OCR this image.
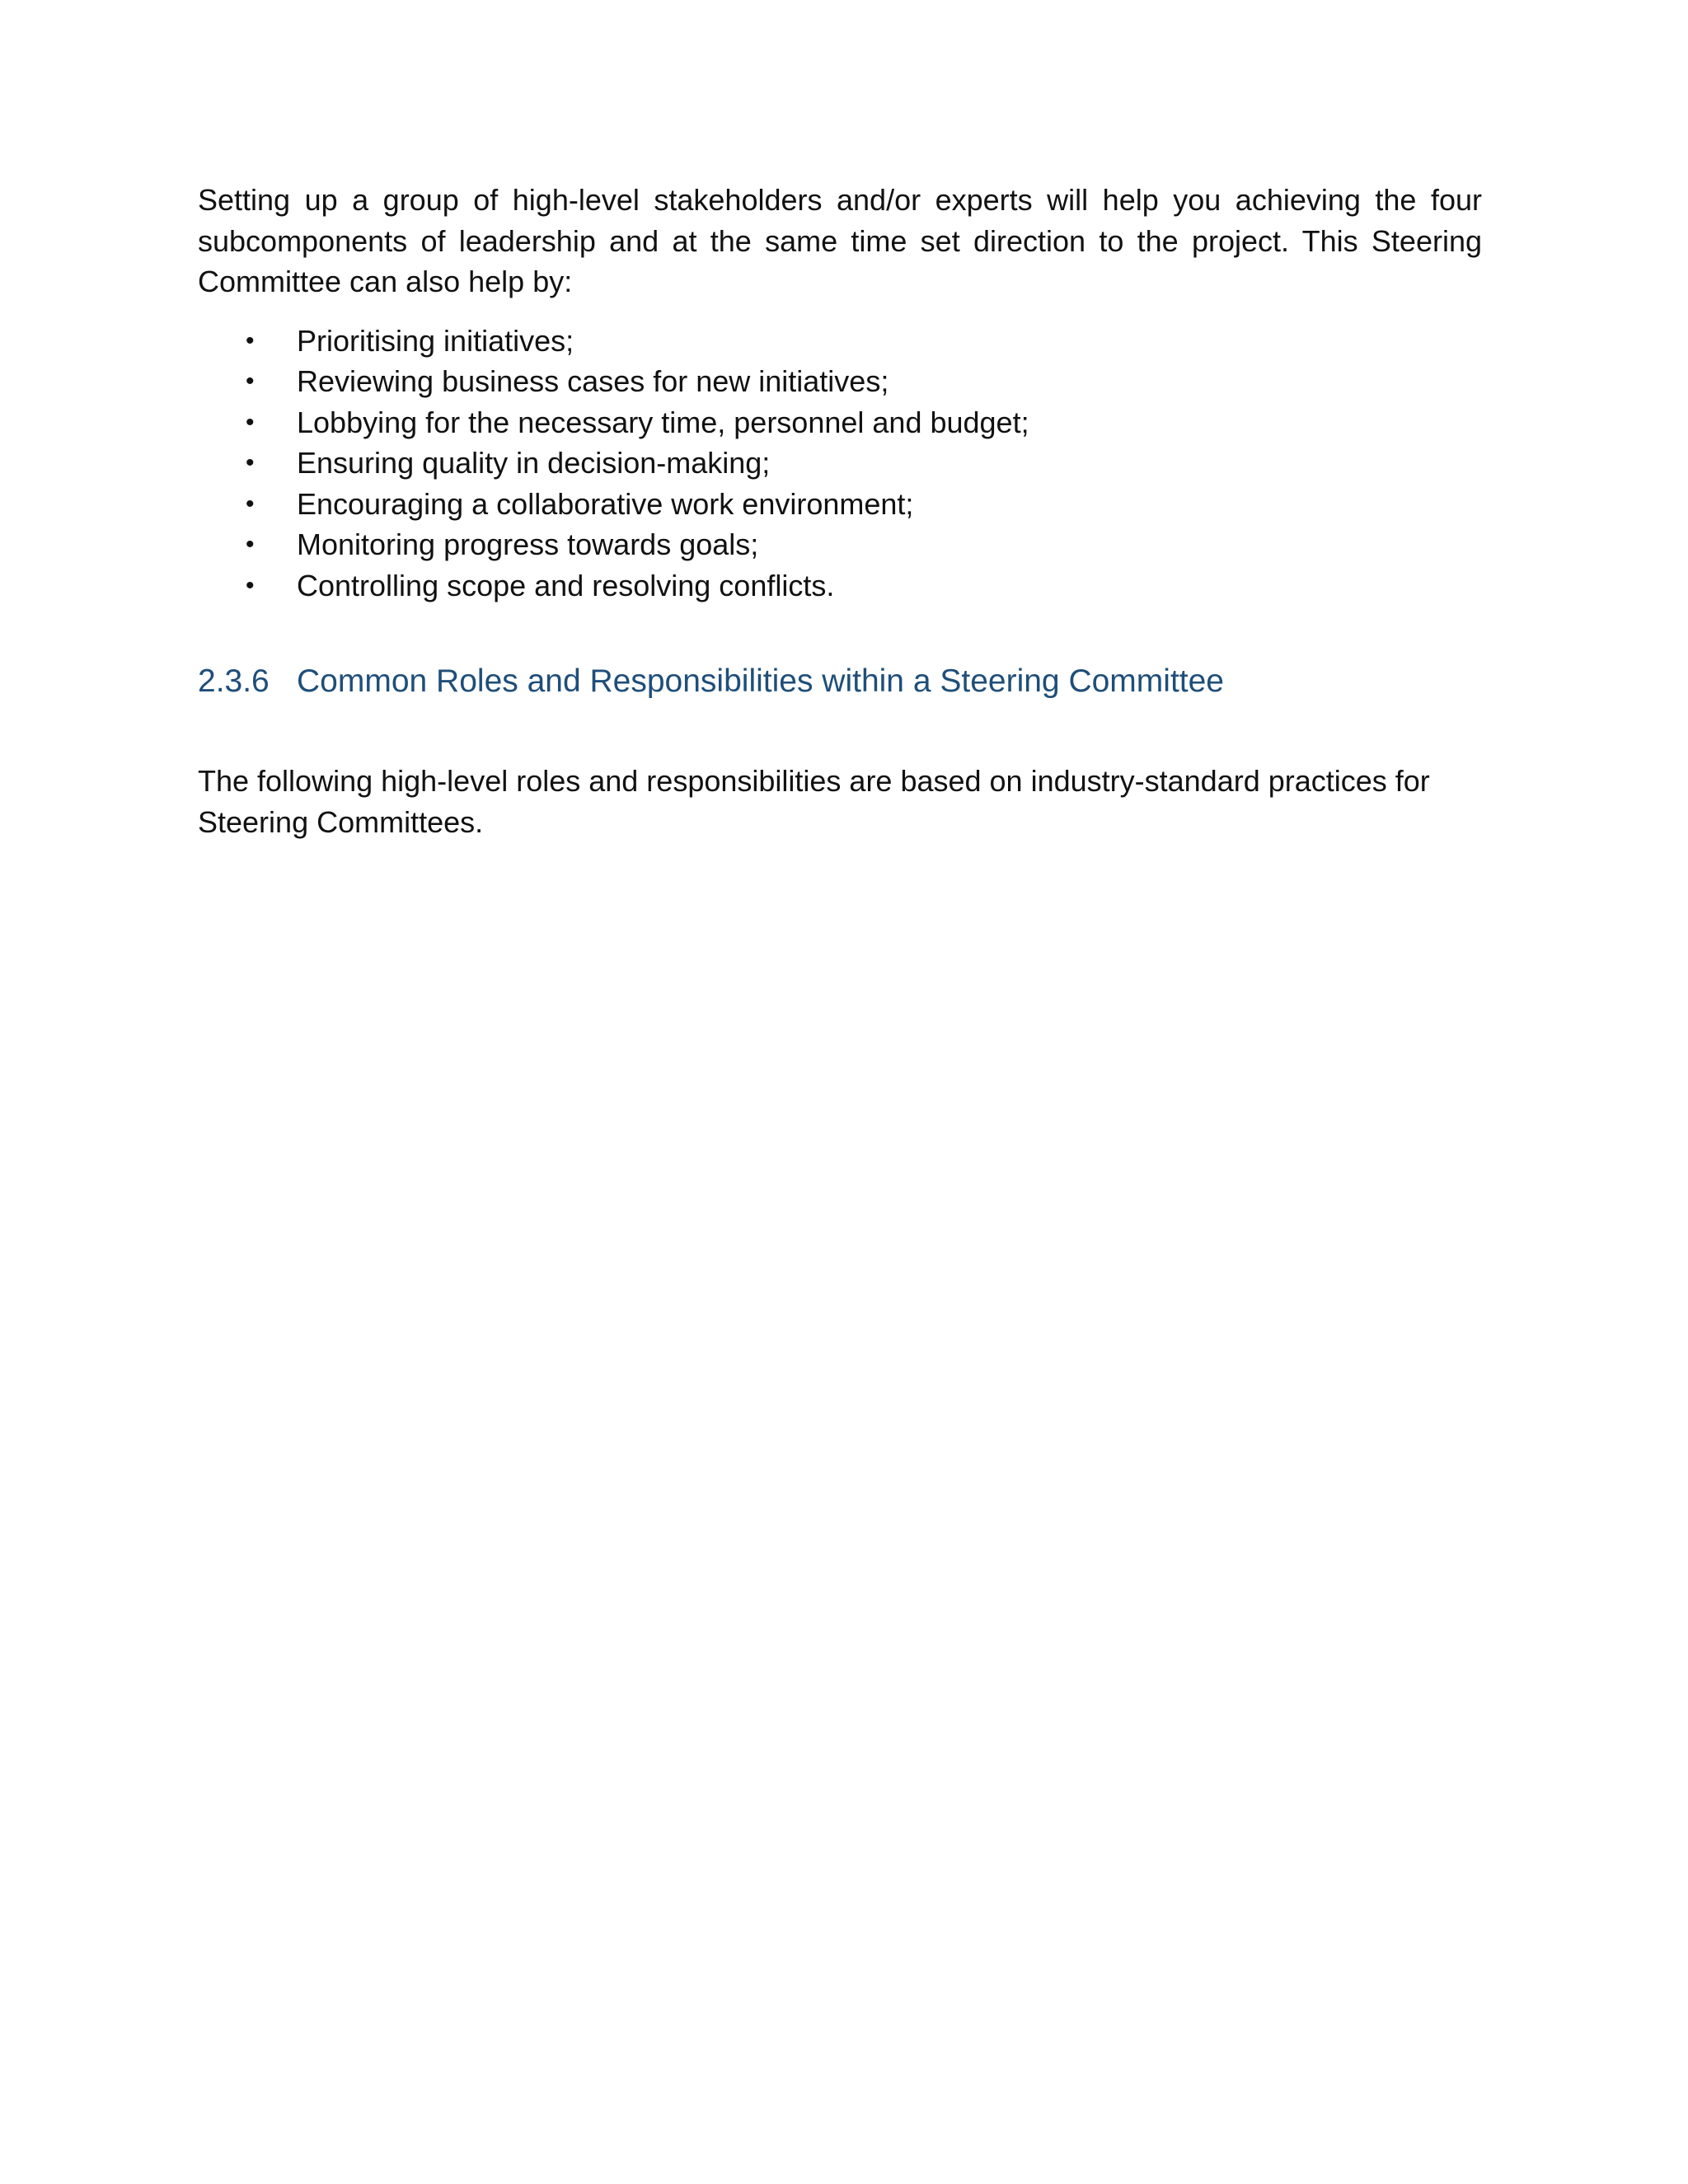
Setting up a group of high-level stakeholders and/or experts will help you achieving the four subcomponents of leadership and at the same time set direction to the project. This Steering Committee can also help by:

• Prioritising initiatives;
• Reviewing business cases for new initiatives;
• Lobbying for the necessary time, personnel and budget;
• Ensuring quality in decision-making;
• Encouraging a collaborative work environment;
• Monitoring progress towards goals;
• Controlling scope and resolving conflicts.
2.3.6 Common Roles and Responsibilities within a Steering Committee

The following high-level roles and responsibilities are based on industry-standard practices for Steering Committees.
